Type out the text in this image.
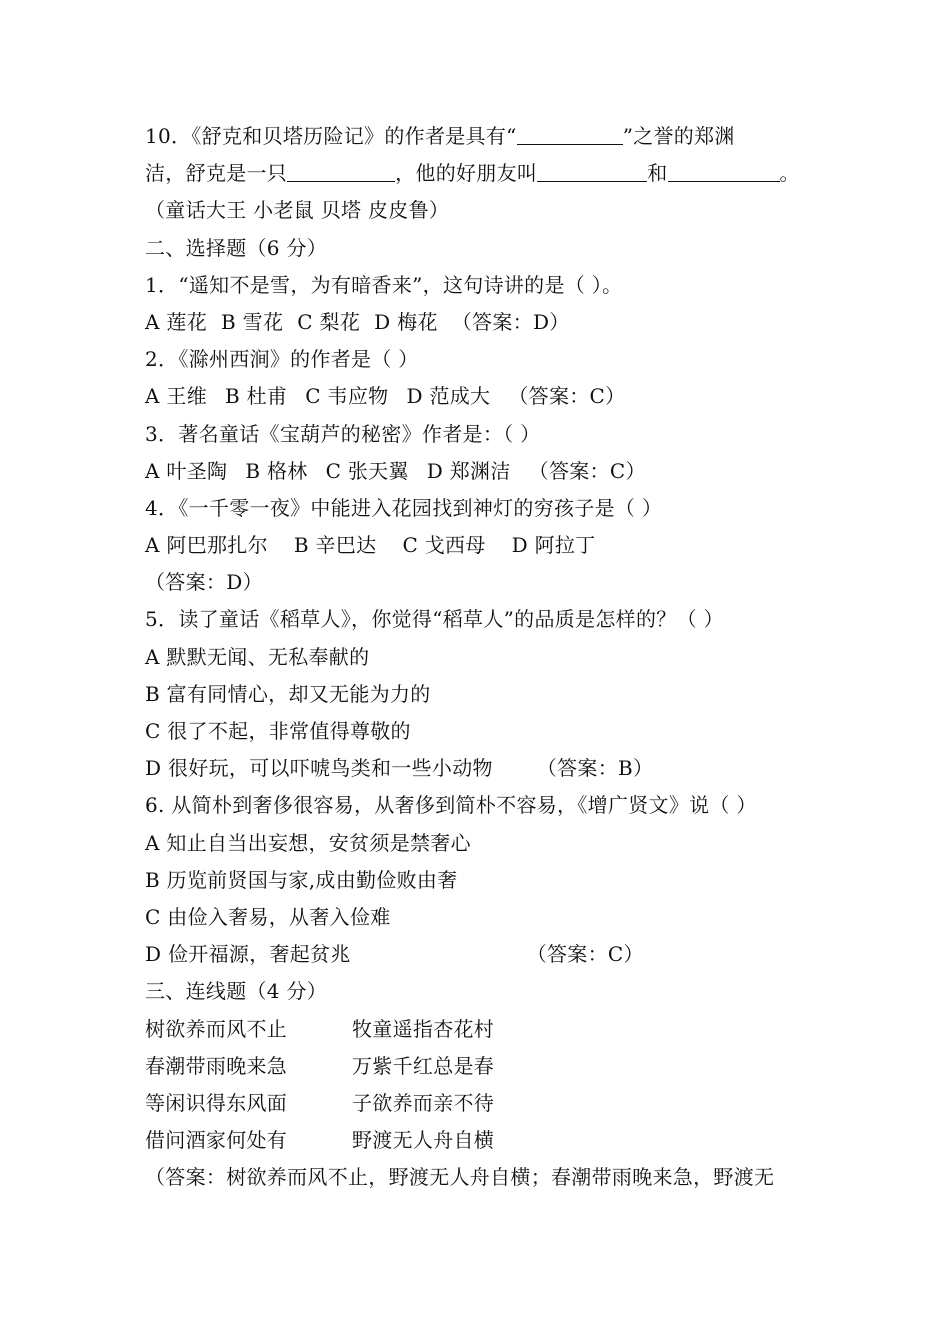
10．《舒克和贝塔历险记》的作者是具有“	”之誉的郑渊
洁，舒克是一只	，他的好朋友叫	和	。
（童话大王 小老鼠 贝塔 皮皮鲁）
二、选择题（6 分）
1．“遥知不是雪，为有暗香来”，这句诗讲的是（ ）。
A 莲花 B 雪花 C 梨花 D 梅花 （答案：D）
2．《滁州西涧》的作者是（ ）
A 王维 B 杜甫 C 韦应物 D 范成大 （答案：C）
3．著名童话《宝葫芦的秘密》作者是：（ ）
A 叶圣陶 B 格林 C 张天翼 D 郑渊洁 （答案：C）
4．《一千零一夜》中能进入花园找到神灯的穷孩子是（ ）
A 阿巴那扎尔 B 辛巴达 C 戈西母 D 阿拉丁
（答案：D）
5．读了童话《稻草人》，你觉得“稻草人”的品质是怎样的？（ ）
A 默默无闻、无私奉献的
B 富有同情心，却又无能为力的
C 很了不起，非常值得尊敬的
D 很好玩，可以吓唬鸟类和一些小动物 （答案：B）
6. 从简朴到奢侈很容易，从奢侈到简朴不容易，《增广贤文》说（ ）
A 知止自当出妄想，安贫须是禁奢心
B 历览前贤国与家,成由勤俭败由奢
C 由俭入奢易，从奢入俭难
D 俭开福源，奢起贫兆	（答案：C）
三、连线题（4 分）
树欲养而风不止	牧童遥指杏花村
春潮带雨晚来急	万紫千红总是春
等闲识得东风面	子欲养而亲不待
借问酒家何处有	野渡无人舟自横
（答案：树欲养而风不止，野渡无人舟自横；春潮带雨晚来急，野渡无
